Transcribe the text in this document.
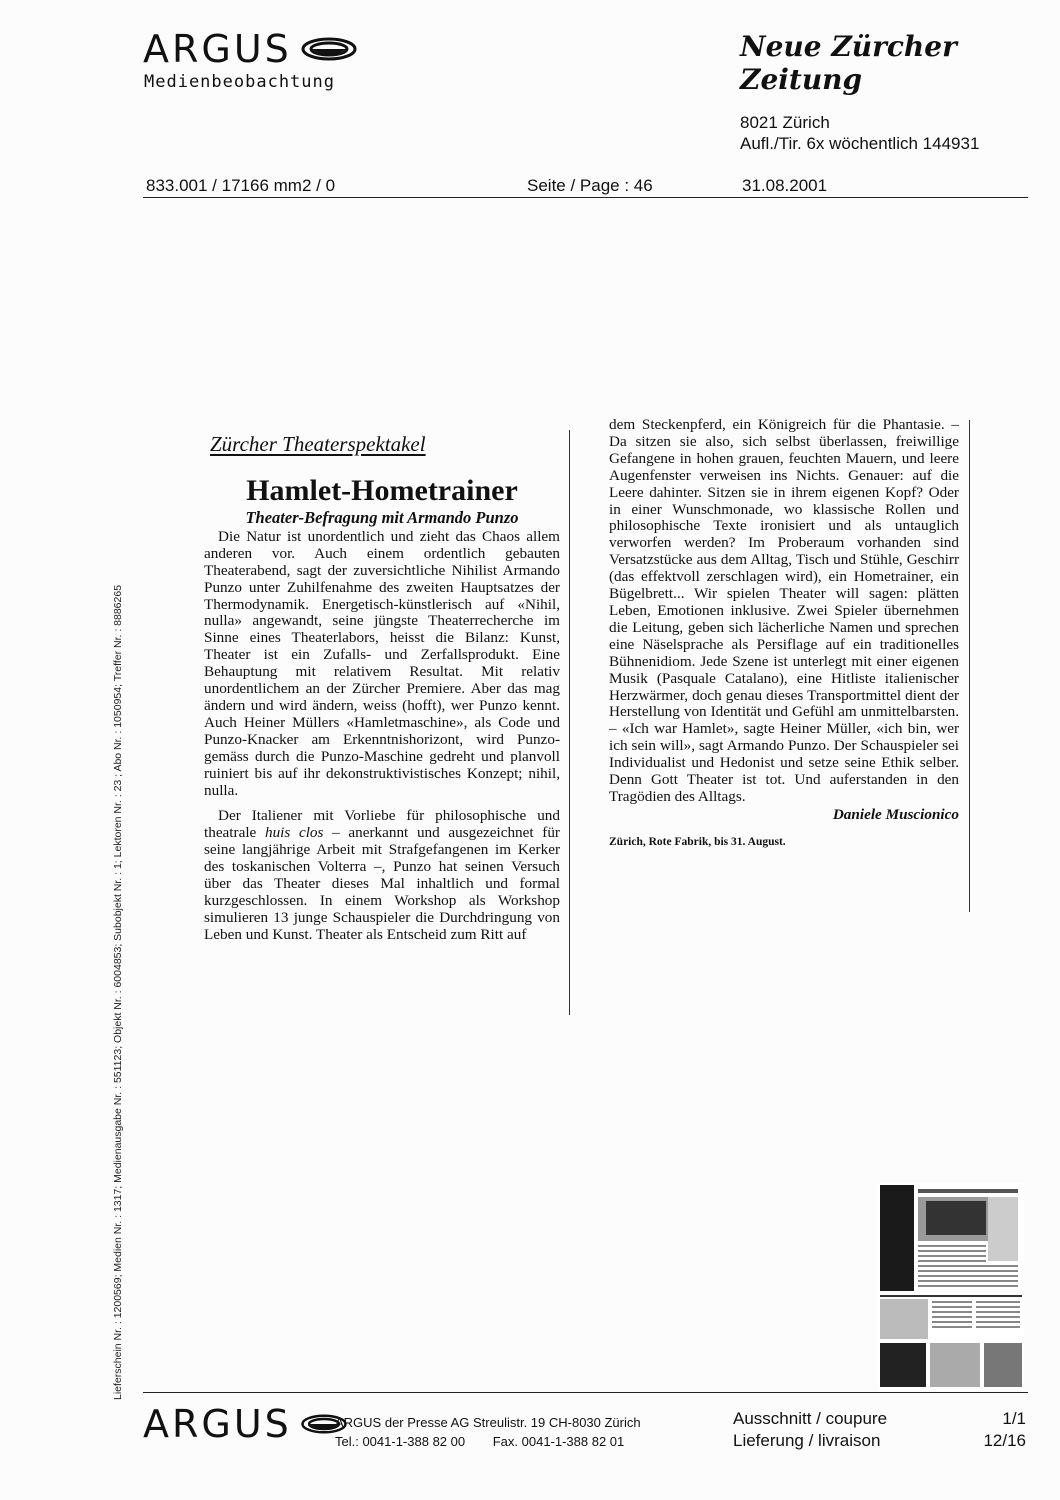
ARGUS
Medienbeobachtung
Neue Zürcher Zeitung
8021 Zürich
Aufl./Tir. 6x wöchentlich 144931
833.001 / 17166 mm2 / 0	Seite / Page : 46	31.08.2001
Zürcher Theaterspektakel
Hamlet-Hometrainer
Theater-Befragung mit Armando Punzo

Die Natur ist unordentlich und zieht das Chaos allem anderen vor. Auch einem ordentlich gebauten Theaterabend, sagt der zuversichtliche Nihilist Armando Punzo unter Zuhilfenahme des zweiten Hauptsatzes der Thermodynamik. Energetisch-künstlerisch auf «Nihil, nulla» angewandt, seine jüngste Theaterrecherche im Sinne eines Theaterlabors, heisst die Bilanz: Kunst, Theater ist ein Zufalls- und Zerfallsprodukt. Eine Behauptung mit relativem Resultat. Mit relativ unordentlichem an der Zürcher Premiere. Aber das mag ändern und wird ändern, weiss (hofft), wer Punzo kennt. Auch Heiner Müllers «Hamletmaschine», als Code und Punzo-Knacker am Erkenntnishorizont, wird Punzo-gemäss durch die Punzo-Maschine gedreht und planvoll ruiniert bis auf ihr dekonstruktivistisches Konzept; nihil, nulla.

Der Italiener mit Vorliebe für philosophische und theatrale huis clos – anerkannt und ausgezeichnet für seine langjährige Arbeit mit Strafgefangenen im Kerker des toskanischen Volterra –, Punzo hat seinen Versuch über das Theater dieses Mal inhaltlich und formal kurzgeschlossen. In einem Workshop als Workshop simulieren 13 junge Schauspieler die Durchdringung von Leben und Kunst. Theater als Entscheid zum Ritt auf

dem Steckenpferd, ein Königreich für die Phantasie. – Da sitzen sie also, sich selbst überlassen, freiwillige Gefangene in hohen grauen, feuchten Mauern, und leere Augenfenster verweisen ins Nichts. Genauer: auf die Leere dahinter. Sitzen sie in ihrem eigenen Kopf? Oder in einer Wunschmonade, wo klassische Rollen und philosophische Texte ironisiert und als untauglich verworfen werden? Im Proberaum vorhanden sind Versatzstücke aus dem Alltag, Tisch und Stühle, Geschirr (das effektvoll zerschlagen wird), ein Hometrainer, ein Bügelbrett... Wir spielen Theater will sagen: plätten Leben, Emotionen inklusive. Zwei Spieler übernehmen die Leitung, geben sich lächerliche Namen und sprechen eine Näselsprache als Persiflage auf ein traditionelles Bühnenidiom. Jede Szene ist unterlegt mit einer eigenen Musik (Pasquale Catalano), eine Hitliste italienischer Herzwärmer, doch genau dieses Transportmittel dient der Herstellung von Identität und Gefühl am unmittelbarsten. – «Ich war Hamlet», sagte Heiner Müller, «ich bin, wer ich sein will», sagt Armando Punzo. Der Schauspieler sei Individualist und Hedonist und setze seine Ethik selber. Denn Gott Theater ist tot. Und auferstanden in den Tragödien des Alltags.

Daniele Muscionico
Zürich, Rote Fabrik, bis 31. August.
Lieferschein Nr. : 1200569; Medien Nr. : 1317; Medienausgabe Nr. : 551123; Objekt Nr. : 6004853; Subobjekt Nr. : 1; Lektoren Nr. : 23 ; Abo Nr. : 1050954; Treffer Nr. : 8886265
ARGUS	ARGUS der Presse AG Streulistr. 19 CH-8030 Zürich
Tel.: 0041-1-388 82 00 Fax. 0041-1-388 82 01
Ausschnitt / coupure
Lieferung / livraison
1/1
12/16
